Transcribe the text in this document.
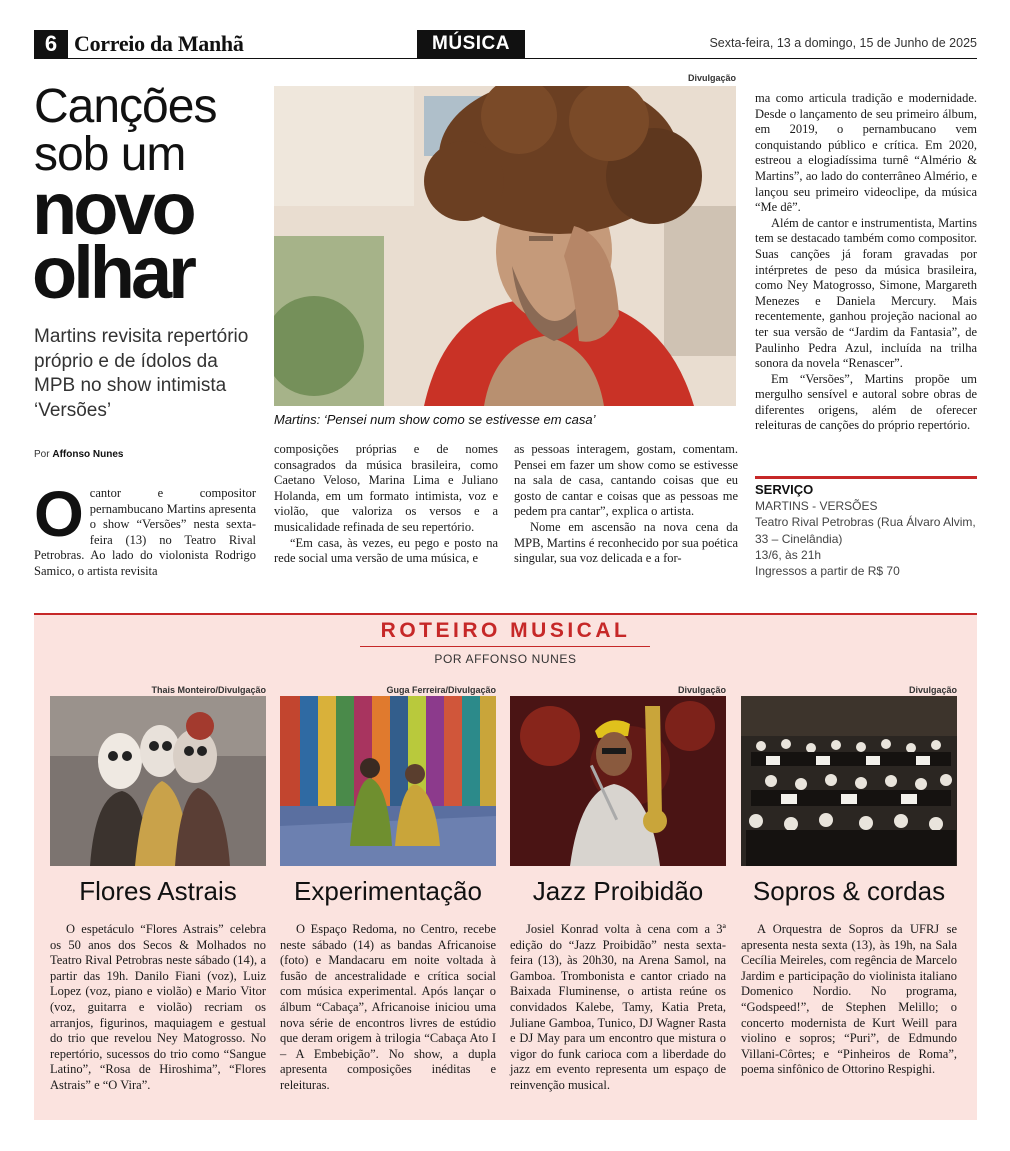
6 Correio da Manhã	MÚSICA	Sexta-feira, 13 a domingo, 15 de Junho de 2025
Canções
sob um
novo
olhar
Martins revisita repertório próprio e de ídolos da MPB no show intimista ‘Versões’
Por Affonso Nunes
Divulgação
Martins: ‘Pensei num show como se estivesse em casa’

Ocantor e compositor pernambucano Martins apresenta o show “Versões” nesta sexta-feira (13) no Teatro Rival Petrobras. Ao lado do violonista Rodrigo Samico, o artista revisita

composições próprias e de nomes consagrados da música brasileira, como Caetano Veloso, Marina Lima e Juliano Holanda, em um formato intimista, voz e violão, que valoriza os versos e a musicalidade refinada de seu repertório.

“Em casa, às vezes, eu pego e posto na rede social uma versão de uma música, e

as pessoas interagem, gostam, comentam. Pensei em fazer um show como se estivesse na sala de casa, cantando coisas que eu gosto de cantar e coisas que as pessoas me pedem pra cantar”, explica o artista.

Nome em ascensão na nova cena da MPB, Martins é reconhecido por sua poética singular, sua voz delicada e a for-

ma como articula tradição e modernidade. Desde o lançamento de seu primeiro álbum, em 2019, o pernambucano vem conquistando público e crítica. Em 2020, estreou a elogiadíssima turnê “Almério & Martins”, ao lado do conterrâneo Almério, e lançou seu primeiro videoclipe, da música “Me dê”.

Além de cantor e instrumentista, Martins tem se destacado também como compositor. Suas canções já foram gravadas por intérpretes de peso da música brasileira, como Ney Matogrosso, Simone, Margareth Menezes e Daniela Mercury. Mais recentemente, ganhou projeção nacional ao ter sua versão de “Jardim da Fantasia”, de Paulinho Pedra Azul, incluída na trilha sonora da novela “Renascer”.

Em “Versões”, Martins propõe um mergulho sensível e autoral sobre obras de diferentes origens, além de oferecer releituras de canções do próprio repertório.

SERVIÇO
MARTINS - VERSÕES
Teatro Rival Petrobras (Rua Álvaro Alvim, 33 – Cinelândia)
13/6, às 21h
Ingressos a partir de R$ 70
ROTEIRO MUSICAL
POR AFFONSO NUNES
Thais Monteiro/Divulgação
Flores Astrais

O espetáculo “Flores Astrais” celebra os 50 anos dos Secos & Molhados no Teatro Rival Petrobras neste sábado (14), a partir das 19h. Danilo Fiani (voz), Luiz Lopez (voz, piano e violão) e Mario Vitor (voz, guitarra e violão) recriam os arranjos, figurinos, maquiagem e gestual do trio que revelou Ney Matogrosso. No repertório, sucessos do trio como “Sangue Latino”, “Rosa de Hiroshima”, “Flores Astrais” e “O Vira”.

Guga Ferreira/Divulgação
Experimentação

O Espaço Redoma, no Centro, recebe neste sábado (14) as bandas Africanoise (foto) e Mandacaru em noite voltada à fusão de ancestralidade e crítica social com música experimental. Após lançar o álbum “Cabaça”, Africanoise iniciou uma nova série de encontros livres de estúdio que deram origem à trilogia “Cabaça Ato I – A Embebição”. No show, a dupla apresenta composições inéditas e releituras.

Divulgação
Jazz Proibidão

Josiel Konrad volta à cena com a 3ª edição do “Jazz Proibidão” nesta sexta-feira (13), às 20h30, na Arena Samol, na Gamboa. Trombonista e cantor criado na Baixada Fluminense, o artista reúne os convidados Kalebe, Tamy, Katia Preta, Juliane Gamboa, Tunico, DJ Wagner Rasta e DJ May para um encontro que mistura o vigor do funk carioca com a liberdade do jazz em evento representa um espaço de reinvenção musical.

Divulgação
Sopros & cordas

A Orquestra de Sopros da UFRJ se apresenta nesta sexta (13), às 19h, na Sala Cecília Meireles, com regência de Marcelo Jardim e participação do violinista italiano Domenico Nordio. No programa, “Godspeed!”, de Stephen Melillo; o concerto modernista de Kurt Weill para violino e sopros; “Puri”, de Edmundo Villani-Côrtes; e “Pinheiros de Roma”, poema sinfônico de Ottorino Respighi.
